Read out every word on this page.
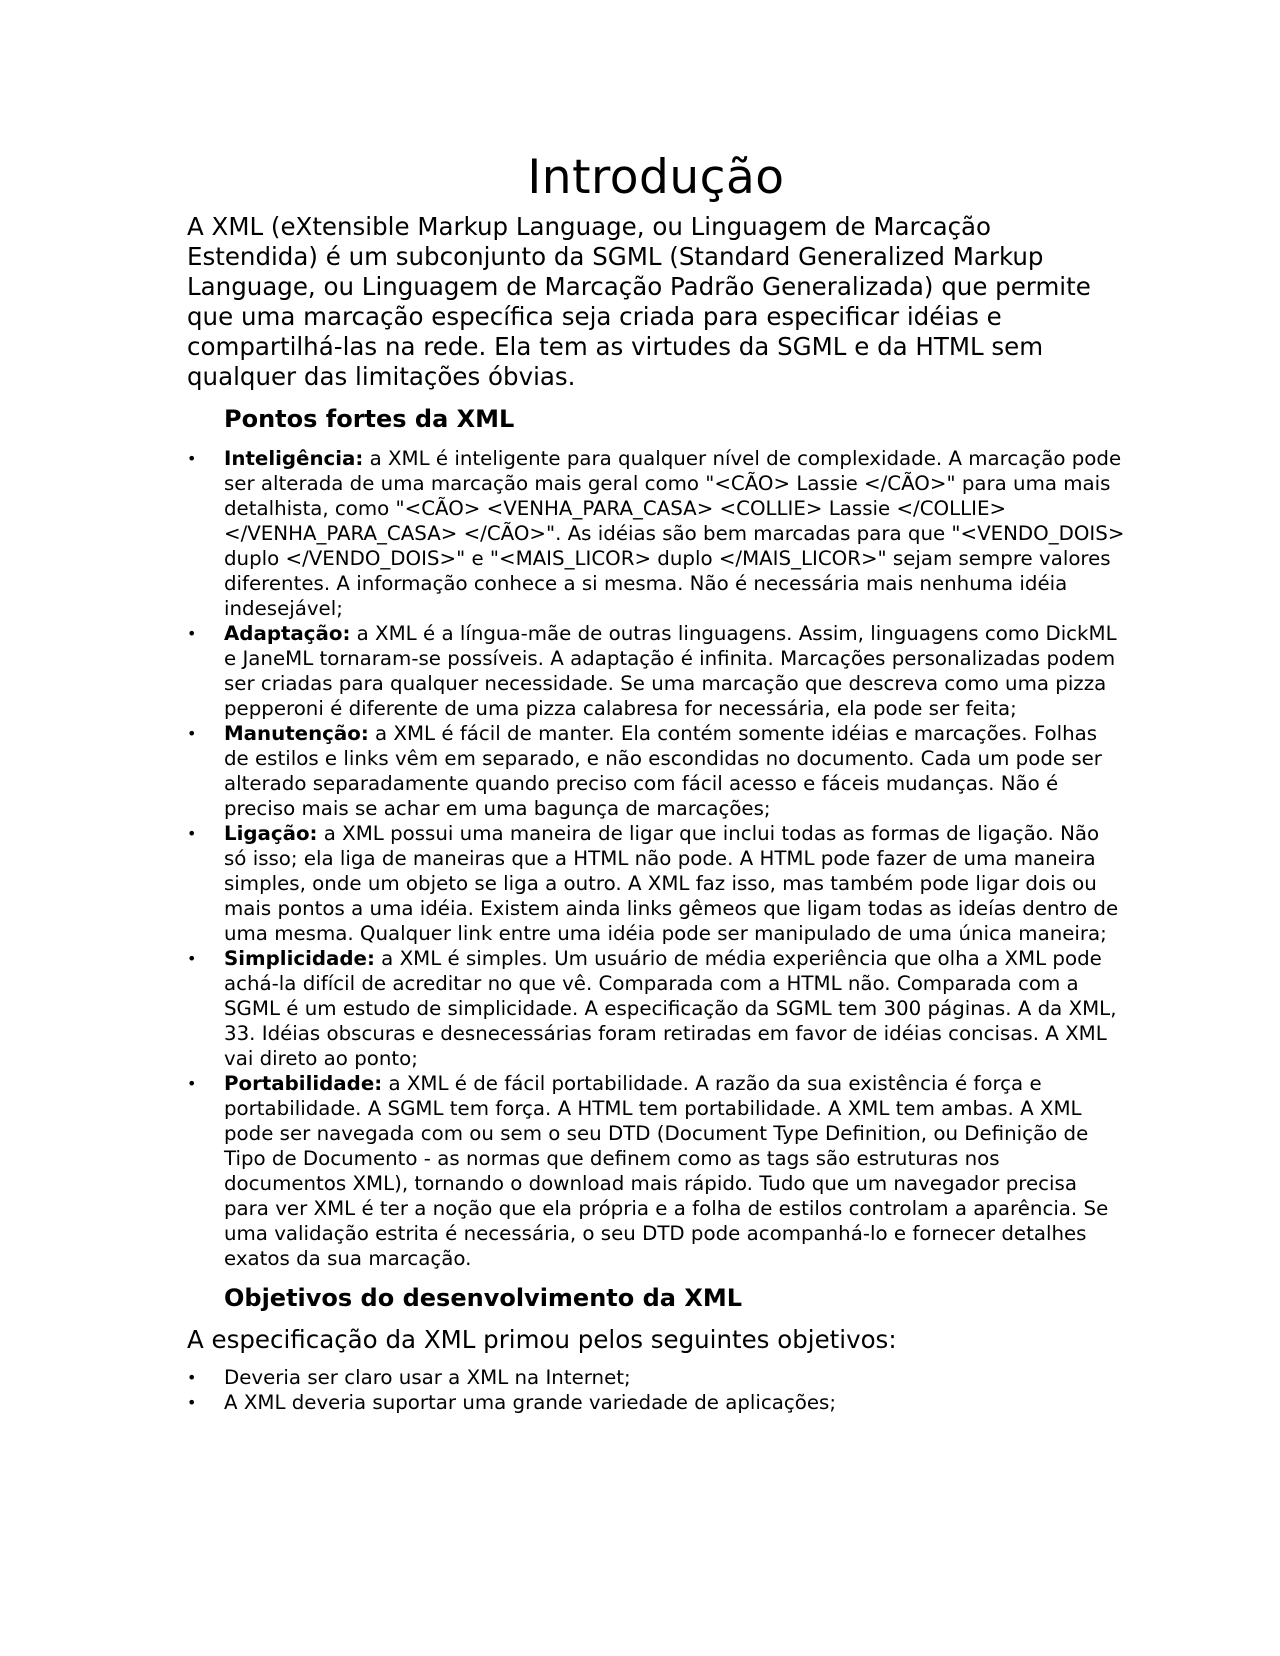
Introdução

A XML (eXtensible Markup Language, ou Linguagem de Marcação Estendida) é um subconjunto da SGML (Standard Generalized Markup Language, ou Linguagem de Marcação Padrão Generalizada) que permite que uma marcação específica seja criada para especificar idéias e compartilhá-las na rede. Ela tem as virtudes da SGML e da HTML sem qualquer das limitações óbvias.

Pontos fortes da XML
•	Inteligência: a XML é inteligente para qualquer nível de complexidade. A marcação pode ser alterada de uma marcação mais geral como "<CÃO> Lassie </CÃO>" para uma mais detalhista, como "<CÃO> <VENHA_PARA_CASA> <COLLIE> Lassie </COLLIE> </VENHA_PARA_CASA> </CÃO>". As idéias são bem marcadas para que "<VENDO_DOIS> duplo </VENDO_DOIS>" e "<MAIS_LICOR> duplo </MAIS_LICOR>" sejam sempre valores diferentes. A informação conhece a si mesma. Não é necessária mais nenhuma idéia indesejável;
•	Adaptação: a XML é a língua-mãe de outras linguagens. Assim, linguagens como DickML e JaneML tornaram-se possíveis. A adaptação é infinita. Marcações personalizadas podem ser criadas para qualquer necessidade. Se uma marcação que descreva como uma pizza pepperoni é diferente de uma pizza calabresa for necessária, ela pode ser feita;
•	Manutenção: a XML é fácil de manter. Ela contém somente idéias e marcações. Folhas de estilos e links vêm em separado, e não escondidas no documento. Cada um pode ser alterado separadamente quando preciso com fácil acesso e fáceis mudanças. Não é preciso mais se achar em uma bagunça de marcações;
•	Ligação: a XML possui uma maneira de ligar que inclui todas as formas de ligação. Não só isso; ela liga de maneiras que a HTML não pode. A HTML pode fazer de uma maneira simples, onde um objeto se liga a outro. A XML faz isso, mas também pode ligar dois ou mais pontos a uma idéia. Existem ainda links gêmeos que ligam todas as ideías dentro de uma mesma. Qualquer link entre uma idéia pode ser manipulado de uma única maneira;
•	Simplicidade: a XML é simples. Um usuário de média experiência que olha a XML pode achá-la difícil de acreditar no que vê. Comparada com a HTML não. Comparada com a SGML é um estudo de simplicidade. A especificação da SGML tem 300 páginas. A da XML, 33. Idéias obscuras e desnecessárias foram retiradas em favor de idéias concisas. A XML vai direto ao ponto;
•	Portabilidade: a XML é de fácil portabilidade. A razão da sua existência é força e portabilidade. A SGML tem força. A HTML tem portabilidade. A XML tem ambas. A XML pode ser navegada com ou sem o seu DTD (Document Type Definition, ou Definição de Tipo de Documento - as normas que definem como as tags são estruturas nos documentos XML), tornando o download mais rápido. Tudo que um navegador precisa para ver XML é ter a noção que ela própria e a folha de estilos controlam a aparência. Se uma validação estrita é necessária, o seu DTD pode acompanhá-lo e fornecer detalhes exatos da sua marcação.
Objetivos do desenvolvimento da XML

A especificação da XML primou pelos seguintes objetivos:

•	Deveria ser claro usar a XML na Internet;
•	A XML deveria suportar uma grande variedade de aplicações;
